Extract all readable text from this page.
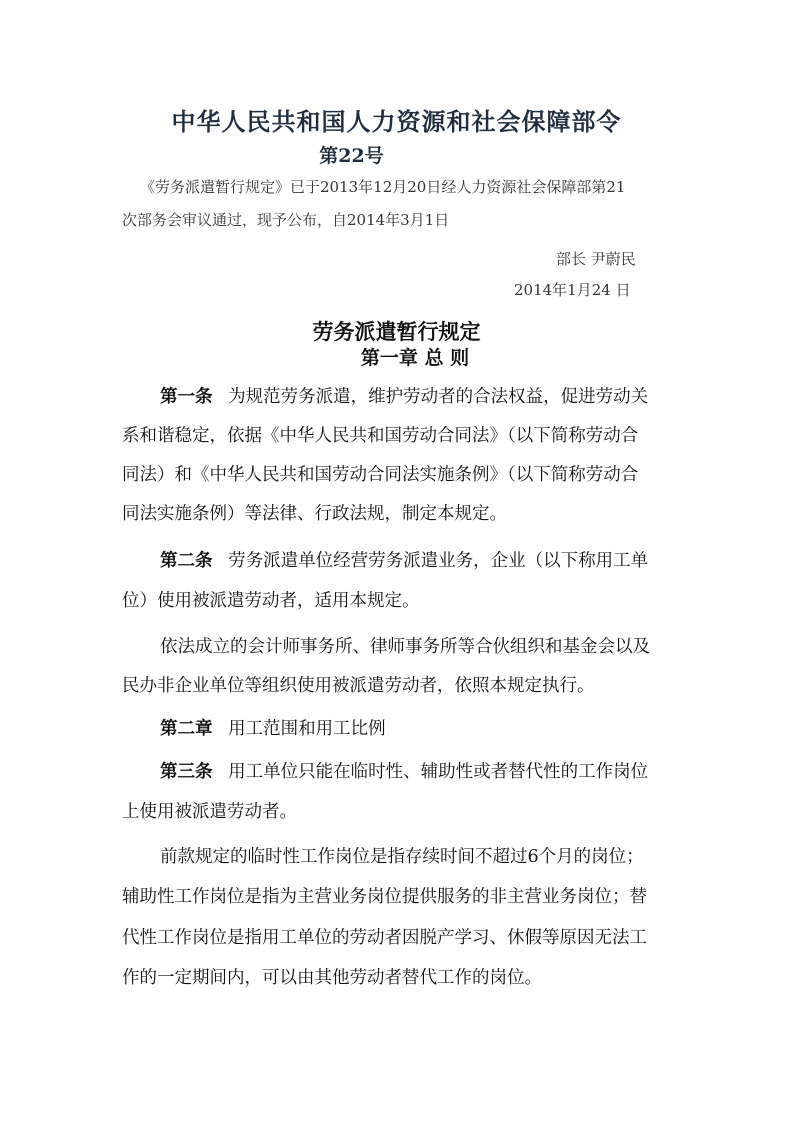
中华人民共和国人力资源和社会保障部令
第22号
《劳务派遣暂行规定》已于2013年12月20日经人力资源社会保障部第21
次部务会审议通过，现予公布，自2014年3月1日
部长 尹蔚民
2014年1月24 日
劳务派遣暂行规定
第一章 总 则
第一条 为规范劳务派遣，维护劳动者的合法权益，促进劳动关
系和谐稳定，依据《中华人民共和国劳动合同法》（以下简称劳动合
同法）和《中华人民共和国劳动合同法实施条例》（以下简称劳动合
同法实施条例）等法律、行政法规，制定本规定。
第二条 劳务派遣单位经营劳务派遣业务，企业（以下称用工单
位）使用被派遣劳动者，适用本规定。
依法成立的会计师事务所、律师事务所等合伙组织和基金会以及
民办非企业单位等组织使用被派遣劳动者，依照本规定执行。
第二章 用工范围和用工比例
第三条 用工单位只能在临时性、辅助性或者替代性的工作岗位
上使用被派遣劳动者。
前款规定的临时性工作岗位是指存续时间不超过6个月的岗位；
辅助性工作岗位是指为主营业务岗位提供服务的非主营业务岗位；替
代性工作岗位是指用工单位的劳动者因脱产学习、休假等原因无法工
作的一定期间内，可以由其他劳动者替代工作的岗位。
